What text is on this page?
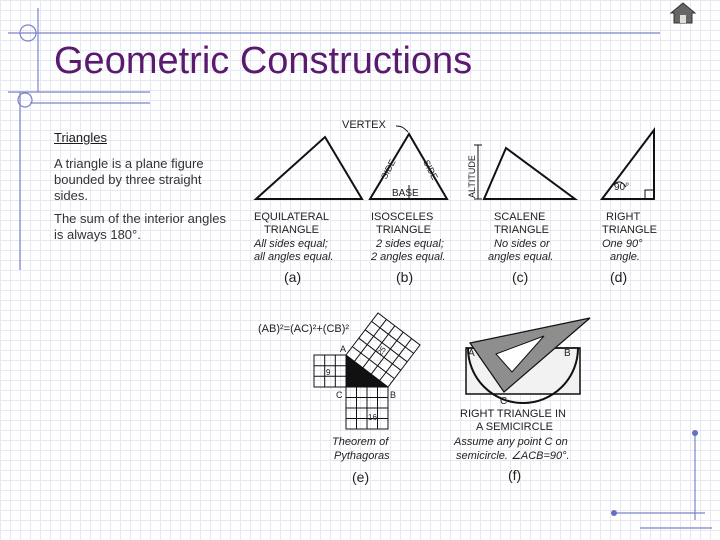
Geometric Constructions
Triangles

A triangle is a plane figure bounded by three straight sides.

The sum of the interior angles is always 180°.

VERTEX
SIDE	SIDE
BASE	ALTITUDE	90°
EQUILATERAL
TRIANGLE
All sides equal;
all angles equal.
(a)
ISOSCELES
TRIANGLE
2 sides equal;
2 angles equal.
(b)
SCALENE
TRIANGLE
No sides or
angles equal.
(c)
RIGHT
TRIANGLE
One 90°
angle.
(d)
(AB)²=(AC)²+(CB)²
A
B
C
9
16
25
Theorem of
Pythagoras
(e)
A	B
C
RIGHT TRIANGLE IN
A SEMICIRCLE
Assume any point C on
semicircle. ∠ACB=90°.
(f)
